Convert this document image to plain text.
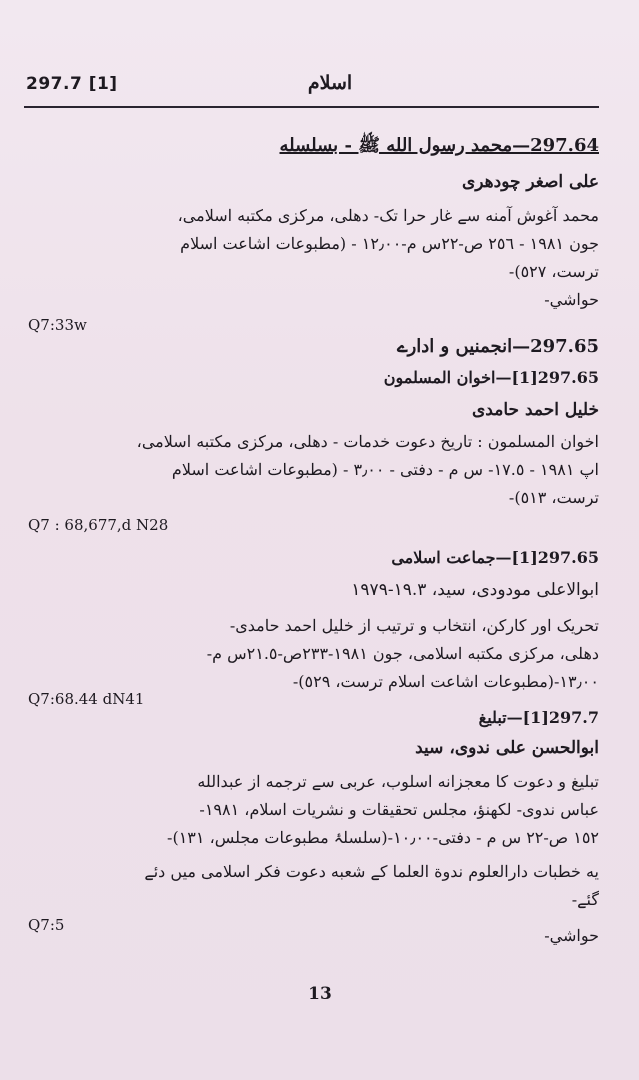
297.7 [1]	اسلام
297.64—محمد رسول الله ﷺ - بسلسله
علی اصغر چودھری
محمد آغوش آمنه سے غار حرا تک- دهلی، مرکزی مکتبه اسلامی،
جون ١٩٨١ - ٢٥٦ ص-٢٢س م-١٢٫٠٠ - (مطبوعات اشاعت اسلام
ترست، ٥٢٧)-
حواشي-
Q7:33w
297.65—انجمنیں و ادارے
297.65[1]—اخوان المسلمون
خلیل احمد حامدی
اخوان المسلمون : تاریخ دعوت خدمات - دهلی، مرکزی مکتبه اسلامی،
اپ ١٩٨١ - ١٧.٥- س م - دفتی - ٣٫٠٠ - (مطبوعات اشاعت اسلام
ترست، ٥١٣)-
Q7 : 68,677,d N28
297.65[1]—جماعت اسلامی
ابوالاعلی مودودی، سید، ١٩.٣-١٩٧٩
تحریک اور کارکن، انتخاب و ترتیب از خلیل احمد حامدی-
دهلی، مرکزی مکتبه اسلامی، جون ١٩٨١-٢٣٣ص-٢١.٥س م-
١٣٫٠٠-(مطبوعات اشاعت اسلام ترست، ٥٢٩)-
Q7:68.44 dN41
297.7[1]—تبلیغ
ابوالحسن علی ندوی، سید
تبلیغ و دعوت کا معجزانه اسلوب، عربی سے ترجمه از عبدالله
عباس ندوی- لکھنؤ، مجلس تحقیقات و نشریات اسلام، ١٩٨١-
١٥٢ ص-٢٢ س م - دفتی-١٠٫٠٠-(سلسلۂ مطبوعات مجلس، ١٣١)-
یه خطبات دارالعلوم ندوة العلما کے شعبه دعوت فکر اسلامی میں دئے
گئے-
حواشي-
Q7:5
13
